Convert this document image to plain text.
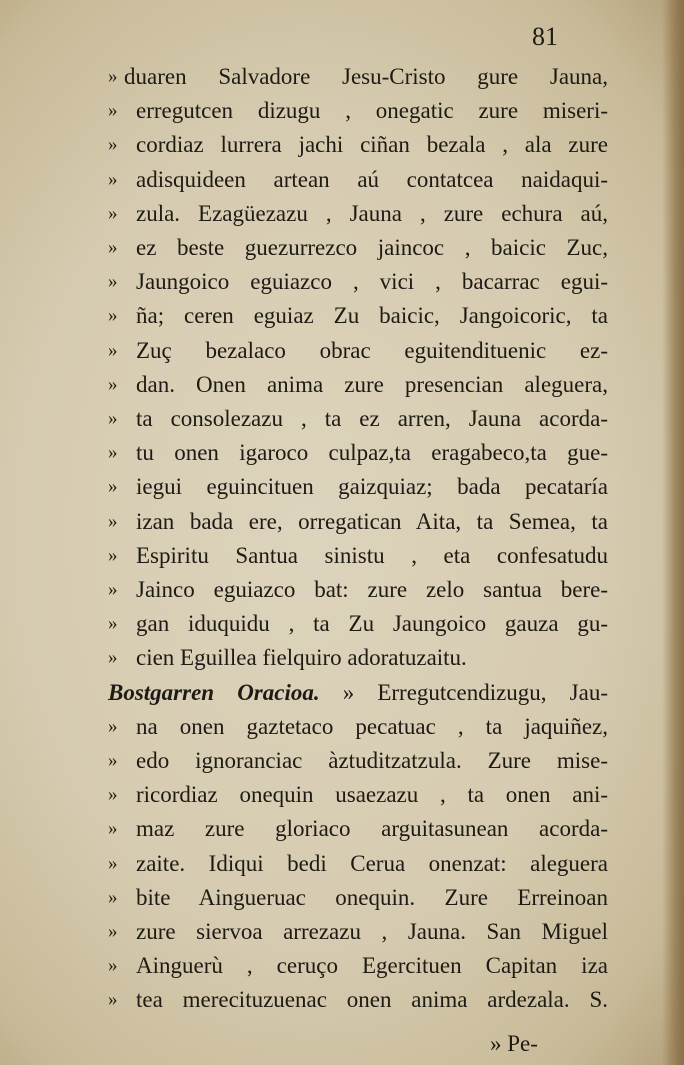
81
» duaren Salvadore Jesu-Cristo gure Jauna,
» erregutcen dizugu , onegatic zure miseri-
» cordiaz lurrera jachi ciñan bezala , ala zure
» adisquideen artean aú contatcea naidaqui-
» zula. Ezagüezazu , Jauna , zure echura aú,
» ez beste guezurrezco jaincoc , baicic Zuc,
» Jaungoico eguiazco , vici , bacarrac egui-
» ña; ceren eguiaz Zu baicic, Jangoicoric, ta
» Zuç bezalaco obrac eguitendituenic ez-
» dan. Onen anima zure presencian aleguera,
» ta consolezazu , ta ez arren, Jauna acorda-
» tu onen igaroco culpaz,ta eragabeco,ta gue-
» iegui eguincituen gaizquiaz; bada pecataría
» izan bada ere, orregatican Aita, ta Semea, ta
» Espiritu Santua sinistu , eta confesatudu
» Jainco eguiazco bat: zure zelo santua bere-
» gan iduquidu , ta Zu Jaungoico gauza gu-
» cien Eguillea fielquiro adoratuzaitu.
Bostgarren Oracioa. » Erregutcendizugu, Jau-
» na onen gaztetaco pecatuac , ta jaquiñez,
» edo ignoranciac àztuditzatzula. Zure mise-
» ricordiaz onequin usaezazu , ta onen ani-
» maz zure gloriaco arguitasunean acorda-
» zaite. Idiqui bedi Cerua onenzat: aleguera
» bite Aingueruac onequin. Zure Erreinoan
» zure siervoa arrezazu , Jauna. San Miguel
» Ainguerù , ceruço Egercituen Capitan iza
» tea merecituzuenac onen anima ardezala. S.
» Pe-
